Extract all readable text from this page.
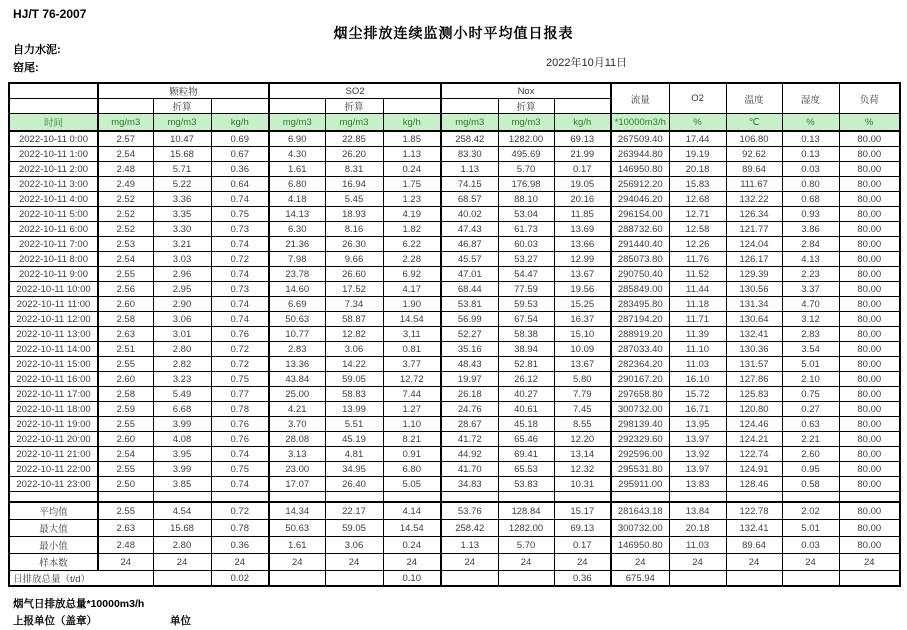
HJ/T 76-2007
烟尘排放连续监测小时平均值日报表
自力水泥:
窑尾:	2022年10月11日
	颗粒物			SO2			Nox			流量	O2	温度	湿度	负荷
		折算			折算			折算						
时间	mg/m3	mg/m3	kg/h	mg/m3	mg/m3	kg/h	mg/m3	mg/m3	kg/h	*10000m3/h	%	℃	%	%
2022-10-11 0:00	2.57	10.47	0.69	6.90	22.85	1.85	258.42	1282.00	69.13	267509.40	17.44	106.80	0.13	80.00
2022-10-11 1:00	2.54	15.68	0.67	4.30	26.20	1.13	83.30	495.69	21.99	263944.80	19.19	92.62	0.13	80.00
2022-10-11 2:00	2.48	5.71	0.36	1.61	8.31	0.24	1.13	5.70	0.17	146950.80	20.18	89.64	0.03	80.00
2022-10-11 3:00	2.49	5.22	0.64	6.80	16.94	1.75	74.15	176.98	19.05	256912.20	15.83	111.67	0.80	80.00
2022-10-11 4:00	2.52	3.36	0.74	4.18	5.45	1.23	68.57	88.10	20.16	294046.20	12.68	132.22	0.68	80.00
2022-10-11 5:00	2.52	3.35	0.75	14.13	18.93	4.19	40.02	53.04	11.85	296154.00	12.71	126.34	0.93	80.00
2022-10-11 6:00	2.52	3.30	0.73	6.30	8.16	1.82	47.43	61.73	13.69	288732.60	12.58	121.77	3.86	80.00
2022-10-11 7:00	2.53	3.21	0.74	21.36	26.30	6.22	46.87	60.03	13.66	291440.40	12.26	124.04	2.84	80.00
2022-10-11 8:00	2.54	3.03	0.72	7.98	9.66	2.28	45.57	53.27	12.99	285073.80	11.76	126.17	4.13	80.00
2022-10-11 9:00	2.55	2.96	0.74	23.78	26.60	6.92	47.01	54.47	13.67	290750.40	11.52	129.39	2.23	80.00
2022-10-11 10:00	2.56	2.95	0.73	14.60	17.52	4.17	68.44	77.59	19.56	285849.00	11.44	130.56	3.37	80.00
2022-10-11 11:00	2.60	2.90	0.74	6.69	7.34	1.90	53.81	59.53	15.25	283495.80	11.18	131.34	4.70	80.00
2022-10-11 12:00	2.58	3.06	0.74	50.63	58.87	14.54	56.99	67.54	16.37	287194.20	11.71	130.64	3.12	80.00
2022-10-11 13:00	2.63	3.01	0.76	10.77	12.82	3.11	52.27	58.38	15.10	288919.20	11.39	132.41	2.83	80.00
2022-10-11 14:00	2.51	2.80	0.72	2.83	3.06	0.81	35.16	38.94	10.09	287033.40	11.10	130.36	3.54	80.00
2022-10-11 15:00	2.55	2.82	0.72	13.36	14.22	3.77	48.43	52.81	13.67	282364.20	11.03	131.57	5.01	80.00
2022-10-11 16:00	2.60	3.23	0.75	43.84	59.05	12.72	19.97	26.12	5.80	290167.20	16.10	127.86	2.10	80.00
2022-10-11 17:00	2.58	5.49	0.77	25.00	58.83	7.44	26.18	40.27	7.79	297658.80	15.72	125.83	0.75	80.00
2022-10-11 18:00	2.59	6.68	0.78	4.21	13.99	1.27	24.76	40.61	7.45	300732.00	16.71	120.80	0.27	80.00
2022-10-11 19:00	2.55	3.99	0.76	3.70	5.51	1.10	28.67	45.18	8.55	298139.40	13.95	124.46	0.63	80.00
2022-10-11 20:00	2.60	4.08	0.76	28.08	45.19	8.21	41.72	65.46	12.20	292329.60	13.97	124.21	2.21	80.00
2022-10-11 21:00	2.54	3.95	0.74	3.13	4.81	0.91	44.92	69.41	13.14	292596.00	13.92	122.74	2.60	80.00
2022-10-11 22:00	2.55	3.99	0.75	23.00	34.95	6.80	41.70	65.53	12.32	295531.80	13.97	124.91	0.95	80.00
2022-10-11 23:00	2.50	3.85	0.74	17.07	26.40	5.05	34.83	53.83	10.31	295911.00	13.83	128.46	0.58	80.00

平均值	2.55	4.54	0.72	14.34	22.17	4.14	53.76	128.84	15.17	281643.18	13.84	122.78	2.02	80.00
最大值	2.63	15.68	0.78	50.63	59.05	14.54	258.42	1282.00	69.13	300732.00	20.18	132.41	5.01	80.00
最小值	2.48	2.80	0.36	1.61	3.06	0.24	1.13	5.70	0.17	146950.80	11.03	89.64	0.03	80.00
样本数	24	24	24	24	24	24	24	24	24	24	24	24	24	24
日排放总量（t/d）			0.02			0.10			0.36	675.94				
烟气日排放总量*10000m3/h
上报单位（盖章）	单位
